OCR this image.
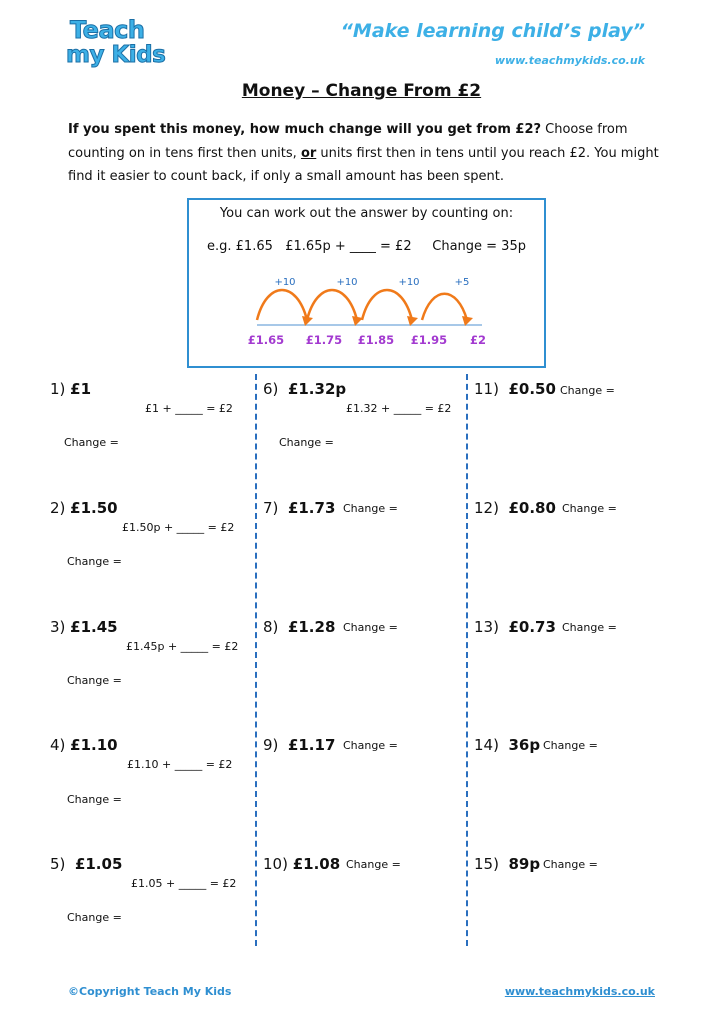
Teach
my Kids
“Make learning child’s play”
www.teachmykids.co.uk
Money – Change From £2
If you spent this money, how much change will you get from £2? Choose from counting on in tens first then units, or units first then in tens until you reach £2. You might find it easier to count back, if only a small amount has been spent.
You can work out the answer by counting on:
e.g. £1.65   £1.65p + ____ = £2     Change = 35p
+10	+10	+10	+5
£1.65 £1.75 £1.85 £1.95 £2
1) £1
£1 + _____ = £2
Change =
2) £1.50
£1.50p + _____ = £2
Change =
3) £1.45
£1.45p + _____ = £2
Change =
4) £1.10
£1.10 + _____ = £2
Change =
5)  £1.05
£1.05 + _____ = £2
Change =
6)  £1.32p
£1.32 + _____ = £2
Change =
7)  £1.73 Change =
8)  £1.28 Change =
9)  £1.17 Change =
10) £1.08 Change =
11)  £0.50 Change =
12)  £0.80 Change =
13)  £0.73 Change =
14)  36p Change =
15)  89p Change =
©Copyright Teach My Kids	www.teachmykids.co.uk
